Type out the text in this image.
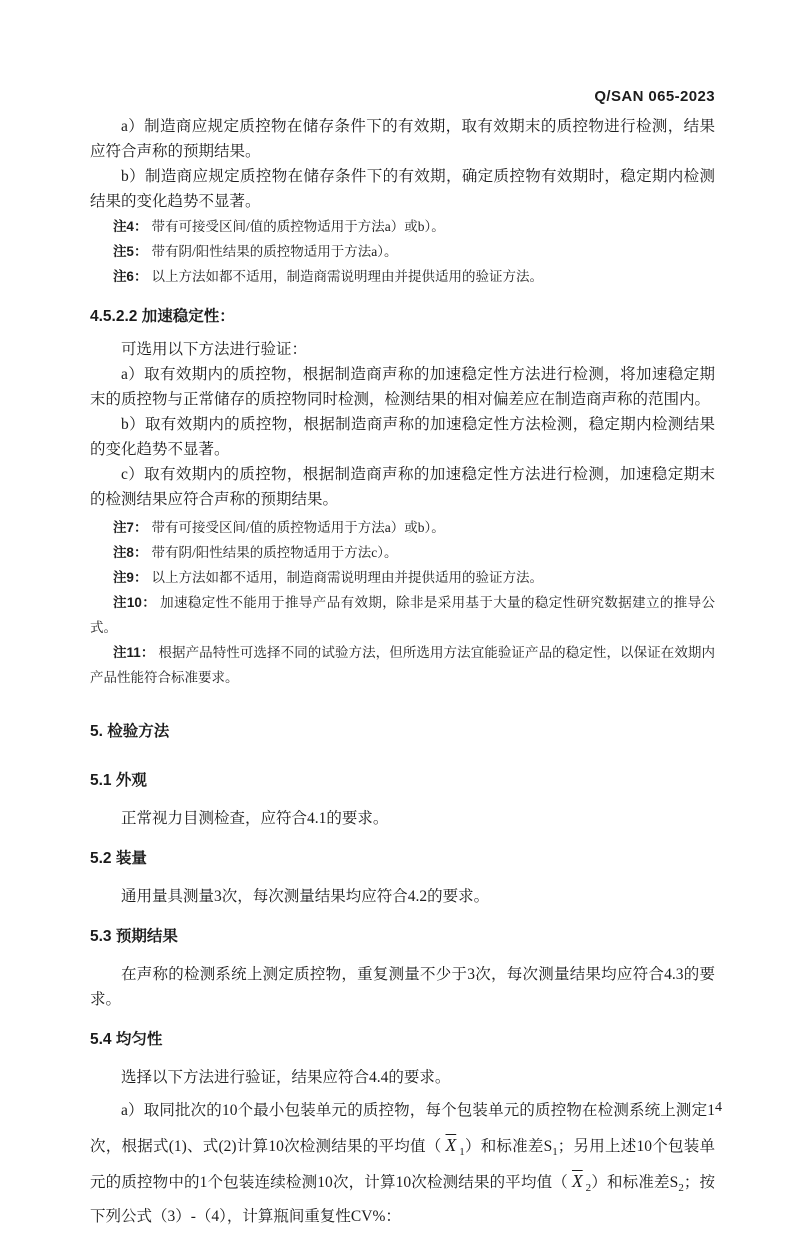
Q/SAN 065-2023

a）制造商应规定质控物在储存条件下的有效期，取有效期末的质控物进行检测，结果应符合声称的预期结果。

b）制造商应规定质控物在储存条件下的有效期，确定质控物有效期时，稳定期内检测结果的变化趋势不显著。

注4： 带有可接受区间/值的质控物适用于方法a）或b）。

注5： 带有阴/阳性结果的质控物适用于方法a）。

注6： 以上方法如都不适用，制造商需说明理由并提供适用的验证方法。

4.5.2.2 加速稳定性：

可选用以下方法进行验证：

a）取有效期内的质控物，根据制造商声称的加速稳定性方法进行检测，将加速稳定期末的质控物与正常储存的质控物同时检测，检测结果的相对偏差应在制造商声称的范围内。

b）取有效期内的质控物，根据制造商声称的加速稳定性方法检测，稳定期内检测结果的变化趋势不显著。

c）取有效期内的质控物，根据制造商声称的加速稳定性方法进行检测，加速稳定期末的检测结果应符合声称的预期结果。

注7： 带有可接受区间/值的质控物适用于方法a）或b）。

注8： 带有阴/阳性结果的质控物适用于方法c）。

注9： 以上方法如都不适用，制造商需说明理由并提供适用的验证方法。

注10： 加速稳定性不能用于推导产品有效期，除非是采用基于大量的稳定性研究数据建立的推导公式。

注11： 根据产品特性可选择不同的试验方法，但所选用方法宜能验证产品的稳定性，以保证在效期内产品性能符合标准要求。

5. 检验方法
5.1 外观

正常视力目测检查，应符合4.1的要求。

5.2 装量

通用量具测量3次，每次测量结果均应符合4.2的要求。

5.3 预期结果

在声称的检测系统上测定质控物，重复测量不少于3次，每次测量结果均应符合4.3的要求。

5.4 均匀性

选择以下方法进行验证，结果应符合4.4的要求。

a）取同批次的10个最小包装单元的质控物，每个包装单元的质控物在检测系统上测定1次，根据式(1)、式(2)计算10次检测结果的平均值（ $\overline{X}$ $_1$）和标准差$S_1$；另用上述10个包装单元的质控物中的1个包装连续检测10次，计算10次检测结果的平均值（ $\overline{X}$ $_2$）和标准差$S_2$；按下列公式（3）-（4），计算瓶间重复性CV%：

4
